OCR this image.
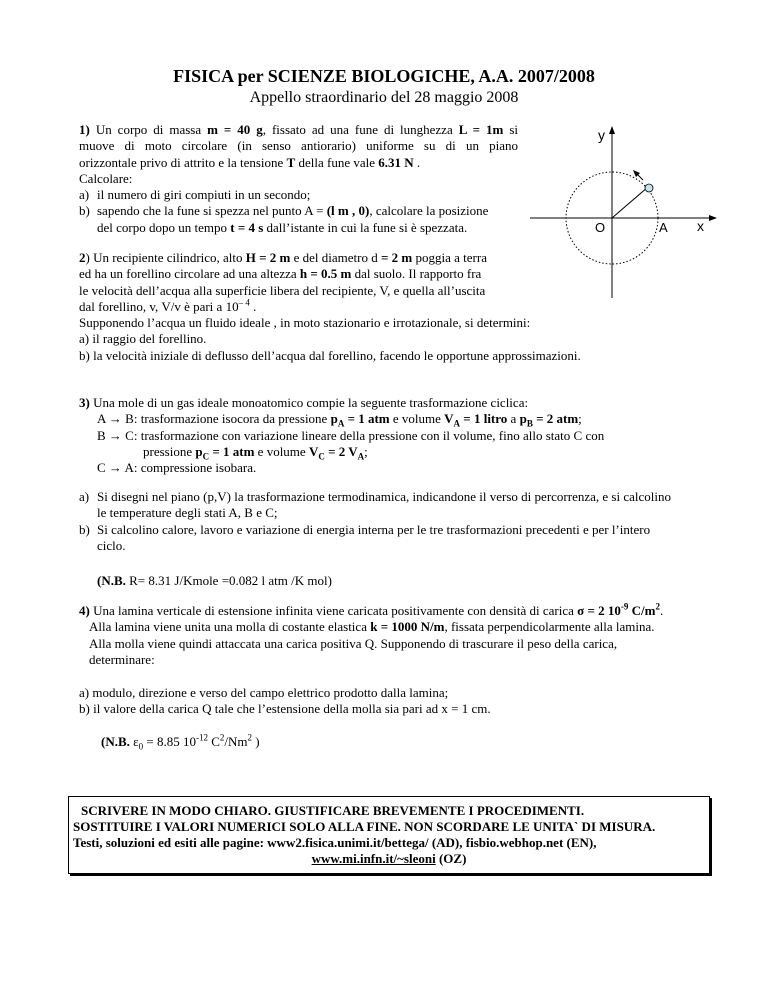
FISICA per SCIENZE BIOLOGICHE, A.A. 2007/2008
Appello straordinario del 28 maggio 2008
1) Un corpo di massa m = 40 g, fissato ad una fune di lunghezza L = 1m si
muove di moto circolare (in senso antiorario) uniforme su di un piano
orizzontale privo di attrito e la tensione T della fune vale 6.31 N .
Calcolare:
a) il numero di giri compiuti in un secondo;
b) sapendo che la fune si spezza nel punto A = (l m , 0), calcolare la posizione
del corpo dopo un tempo t = 4 s dall’istante in cui la fune si è spezzata.
y
x
O	A
2) Un recipiente cilindrico, alto H = 2 m e del diametro d = 2 m poggia a terra
ed ha un forellino circolare ad una altezza h = 0.5 m dal suolo. Il rapporto fra
le velocità dell’acqua alla superficie libera del recipiente, V, e quella all’uscita
dal forellino, v, V/v è pari a $10^{- 4}$ .
Supponendo l’acqua un fluido ideale , in moto stazionario e irrotazionale, si determini:
a) il raggio del forellino.
b) la velocità iniziale di deflusso dell’acqua dal forellino, facendo le opportune approssimazioni.
3) Una mole di un gas ideale monoatomico compie la seguente trasformazione ciclica:
A → B: trasformazione isocora da pressione $p_A = 1$ atm e volume $V_A = 1$ litro a $p_B = 2$ atm;
B → C: trasformazione con variazione lineare della pressione con il volume, fino allo stato C con
pressione $p_C = 1$ atm e volume $V_C = 2$ $V_A$;
C → A: compressione isobara.
a) Si disegni nel piano (p,V) la trasformazione termodinamica, indicandone il verso di percorrenza, e si calcolino
le temperature degli stati A, B e C;
b) Si calcolino calore, lavoro e variazione di energia interna per le tre trasformazioni precedenti e per l’intero
ciclo.
(N.B. R= 8.31 J/Kmole =0.082 l atm /K mol)
4) Una lamina verticale di estensione infinita viene caricata positivamente con densità di carica σ = 2 $10^{-9}$ $C/m^2$.
Alla lamina viene unita una molla di costante elastica k = 1000 N/m, fissata perpendicolarmente alla lamina.
Alla molla viene quindi attaccata una carica positiva Q. Supponendo di trascurare il peso della carica,
determinare:
a) modulo, direzione e verso del campo elettrico prodotto dalla lamina;
b) il valore della carica Q tale che l’estensione della molla sia pari ad x = 1 cm.
(N.B. $\varepsilon_0 = 8.85$ $10^{-12}$ $C^2/Nm^2$ )
SCRIVERE IN MODO CHIARO. GIUSTIFICARE BREVEMENTE I PROCEDIMENTI.
SOSTITUIRE I VALORI NUMERICI SOLO ALLA FINE. NON SCORDARE LE UNITA` DI MISURA.
Testi, soluzioni ed esiti alle pagine: www2.fisica.unimi.it/bettega/ (AD), fisbio.webhop.net (EN),
www.mi.infn.it/~sleoni (OZ)
